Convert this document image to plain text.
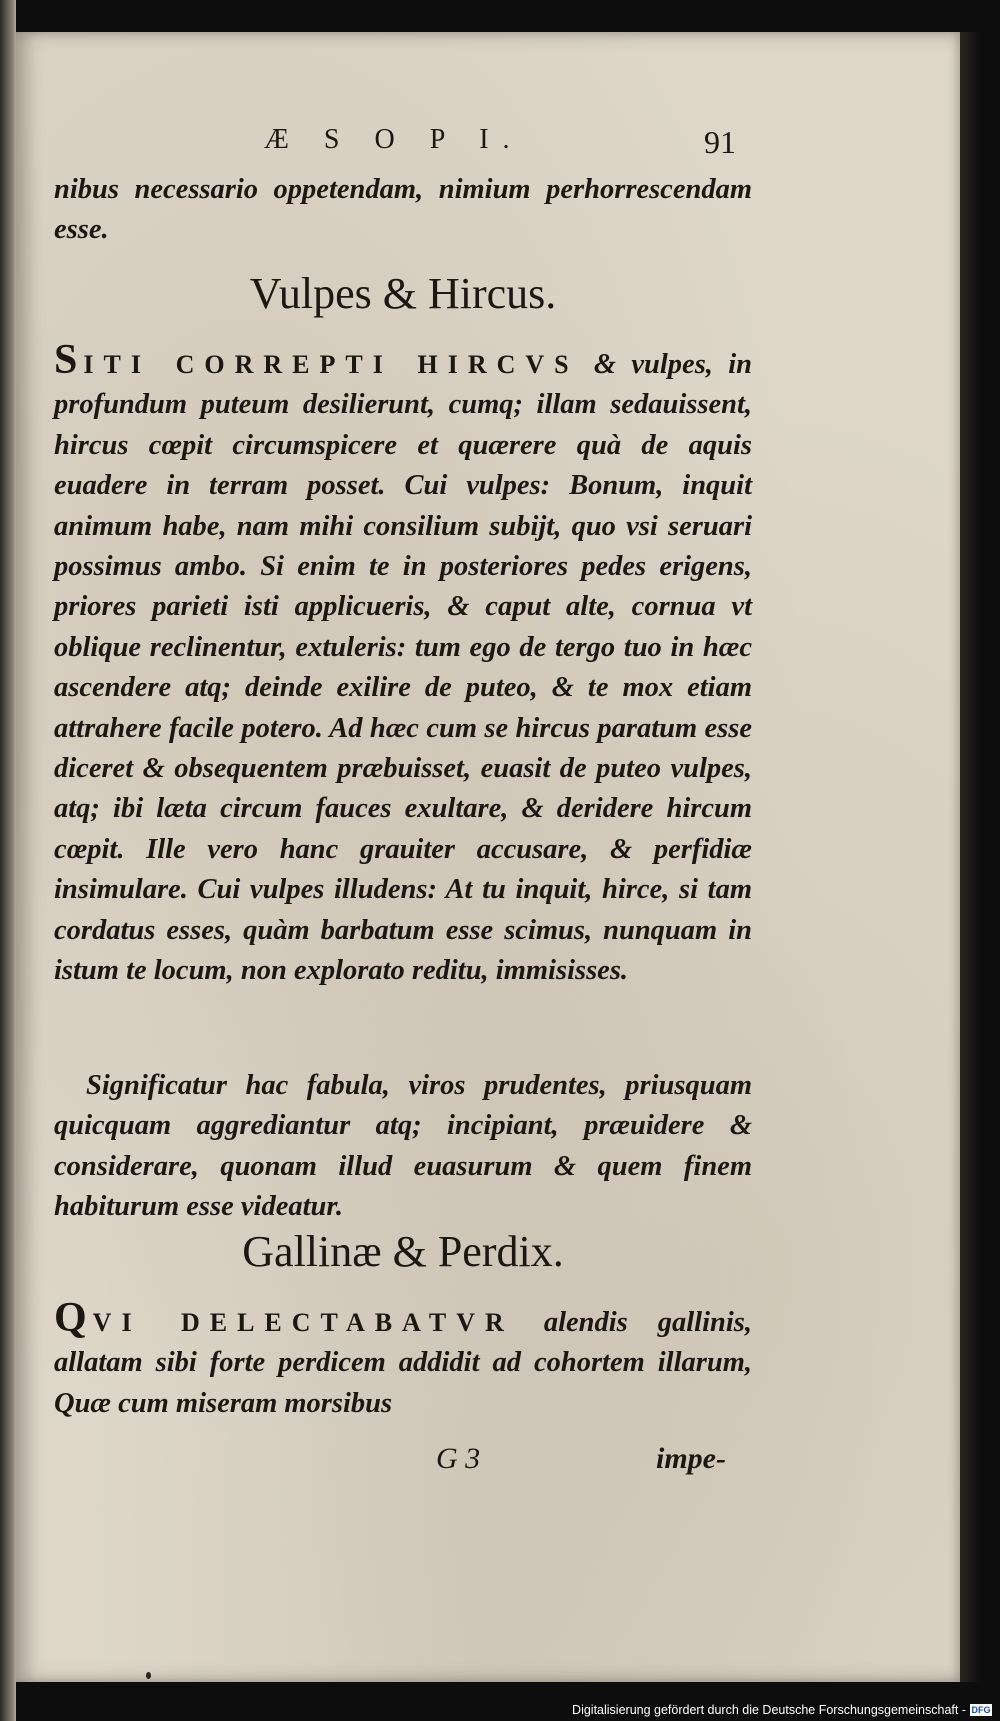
Æ S O P I.	91
nibus necessario oppetendam, nimium perhorrescendam esse.
Vulpes & Hircus.
SITI CORREPTI HIRCVS & vulpes, in profundum puteum desilierunt, cumq; illam sedauissent, hircus cœpit circumspicere et quærere quà de aquis euadere in terram posset. Cui vulpes: Bonum, inquit animum habe, nam mihi consilium subijt, quo vsi seruari possimus ambo. Si enim te in posteriores pedes erigens, priores parieti isti applicueris, & caput alte, cornua vt oblique reclinentur, extuleris: tum ego de tergo tuo in hæc ascendere atq; deinde exilire de puteo, & te mox etiam attrahere facile potero. Ad hæc cum se hircus paratum esse diceret & obsequentem præbuisset, euasit de puteo vulpes, atq; ibi læta circum fauces exultare, & deridere hircum cœpit. Ille vero hanc grauiter accusare, & perfidiæ insimulare. Cui vulpes illudens: At tu inquit, hirce, si tam cordatus esses, quàm barbatum esse scimus, nunquam in istum te locum, non explorato reditu, immisisses.
Significatur hac fabula, viros prudentes, priusquam quicquam aggrediantur atq; incipiant, præuidere & considerare, quonam illud euasurum & quem finem habiturum esse videatur.
Gallinæ & Perdix.
QVI DELECTABATVR alendis gallinis, allatam sibi forte perdicem addidit ad cohortem illarum, Quæ cum miseram morsibus
G 3	impe-
Digitalisierung gefördert durch die Deutsche Forschungsgemeinschaft - DFG
